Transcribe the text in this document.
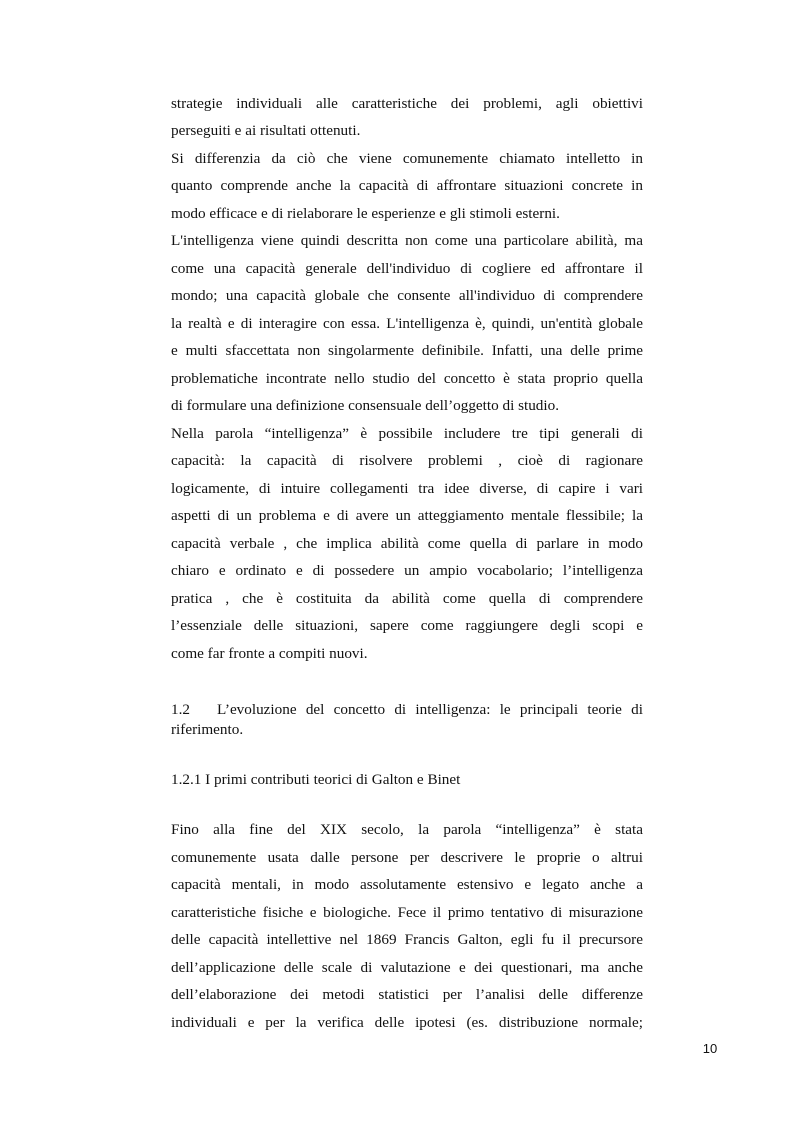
strategie individuali alle caratteristiche dei problemi, agli obiettivi
perseguiti e ai risultati ottenuti.
Si differenzia da ciò che viene comunemente chiamato intelletto in
quanto comprende anche la capacità di affrontare situazioni concrete in
modo efficace e di rielaborare le esperienze e gli stimoli esterni.
L'intelligenza viene quindi descritta non come una particolare abilità, ma
come una capacità generale dell'individuo di cogliere ed affrontare il
mondo; una capacità globale che consente all'individuo di comprendere
la realtà e di interagire con essa. L'intelligenza è, quindi, un'entità globale
e multi sfaccettata non singolarmente definibile. Infatti, una delle prime
problematiche incontrate nello studio del concetto è stata proprio quella
di formulare una definizione consensuale dell’oggetto di studio.
Nella parola “intelligenza” è possibile includere tre tipi generali di
capacità: la capacità di risolvere problemi , cioè di ragionare
logicamente, di intuire collegamenti tra idee diverse, di capire i vari
aspetti di un problema e di avere un atteggiamento mentale flessibile; la
capacità verbale , che implica abilità come quella di parlare in modo
chiaro e ordinato e di possedere un ampio vocabolario; l’intelligenza
pratica , che è costituita da abilità come quella di comprendere
l’essenziale delle situazioni, sapere come raggiungere degli scopi e
come far fronte a compiti nuovi.
1.2 L’evoluzione del concetto di intelligenza: le principali teorie di
riferimento.
1.2.1 I primi contributi teorici di Galton e Binet
Fino alla fine del XIX secolo, la parola “intelligenza” è stata
comunemente usata dalle persone per descrivere le proprie o altrui
capacità mentali, in modo assolutamente estensivo e legato anche a
caratteristiche fisiche e biologiche. Fece il primo tentativo di misurazione
delle capacità intellettive nel 1869 Francis Galton, egli fu il precursore
dell’applicazione delle scale di valutazione e dei questionari, ma anche
dell’elaborazione dei metodi statistici per l’analisi delle differenze
individuali e per la verifica delle ipotesi (es. distribuzione normale;
10
